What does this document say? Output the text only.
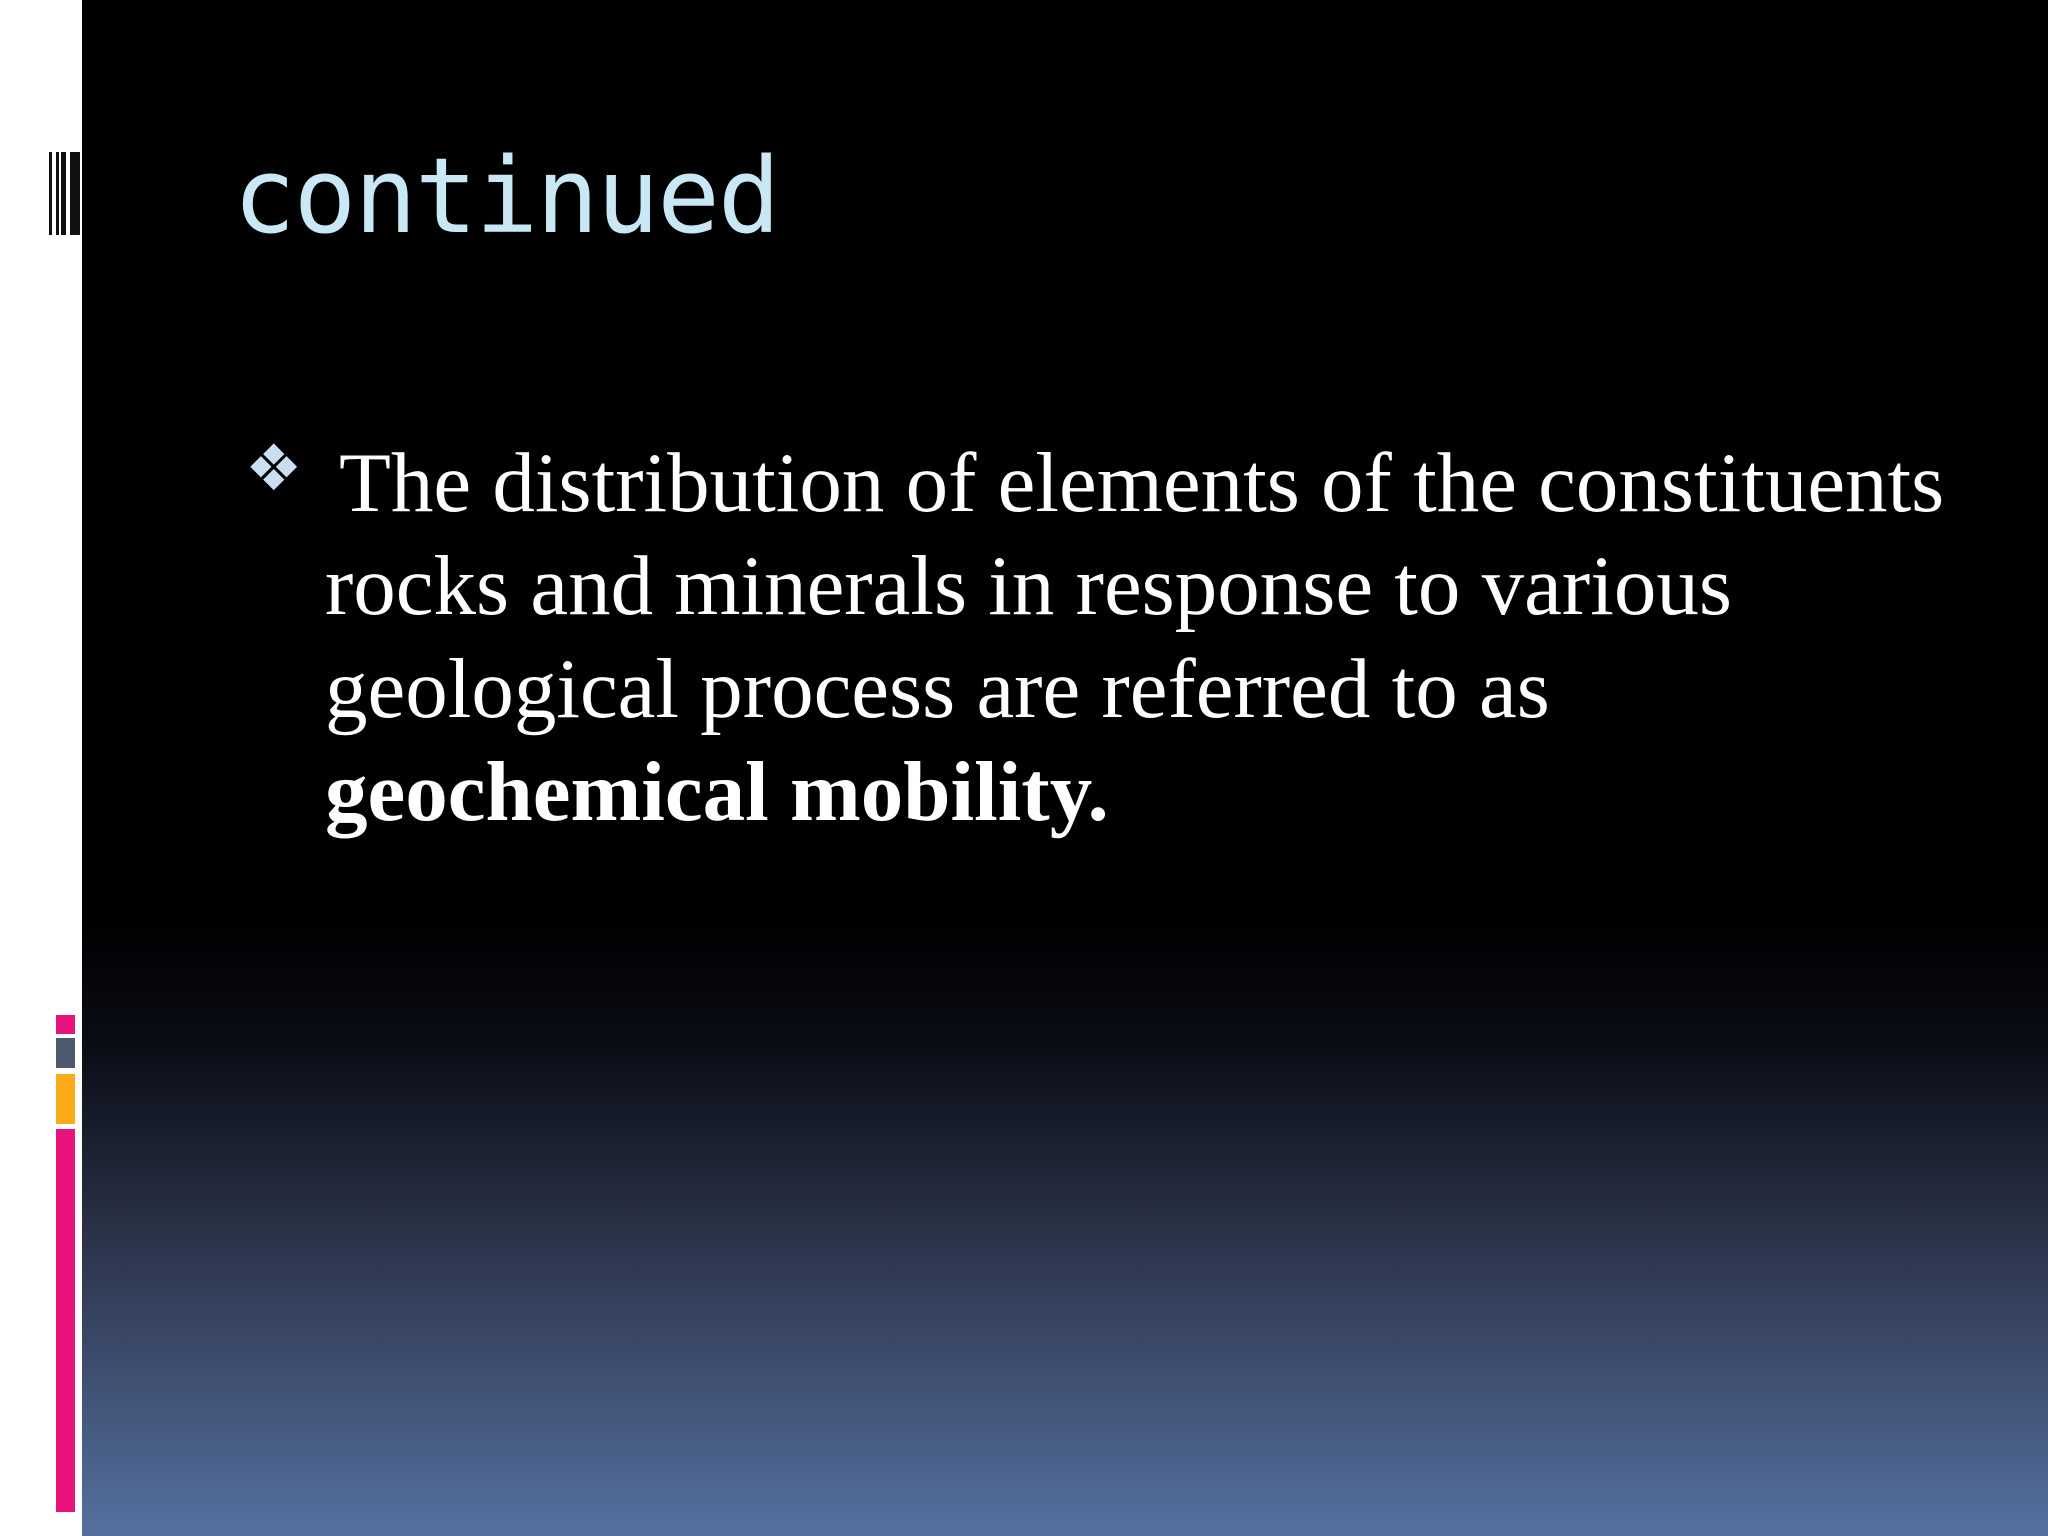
continued
❖ The distribution of elements of the constituents
rocks and minerals in response to various
geological process are referred to as
geochemical mobility.
